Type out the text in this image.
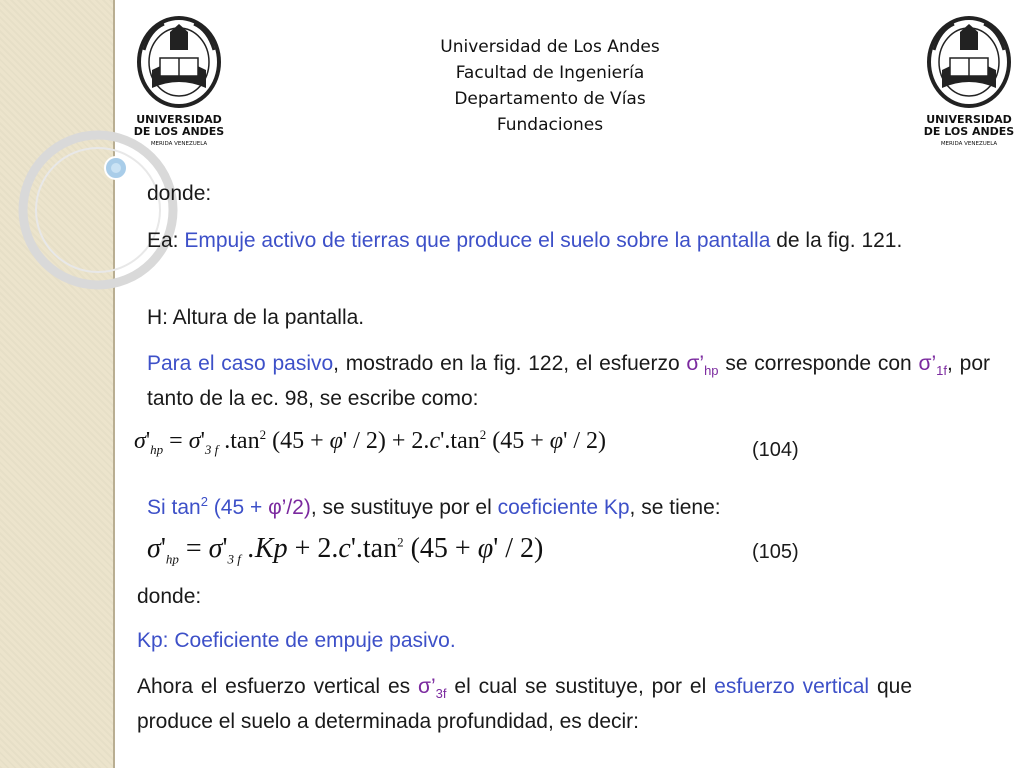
UNIVERSIDAD
DE LOS ANDES
MERIDA VENEZUELA
UNIVERSIDAD
DE LOS ANDES
MERIDA VENEZUELA
Universidad de Los Andes
Facultad de Ingeniería
Departamento de Vías
Fundaciones
donde:
Ea: Empuje activo de tierras que produce el suelo sobre la pantalla de la fig. 121.
H: Altura de la pantalla.
Para el caso pasivo, mostrado en la fig. 122, el esfuerzo $\sigma’_{hp}$ se corresponde con $\sigma’_{1f}$, por tanto de la ec. 98, se escribe como:
$\sigma'_{hp} = \sigma'_{3 f}$ $.\tan^2$ $(45 + \varphi' / 2) + 2.c'.\tan^2$ (45 + φ' / 2)	(104)
Si $\tan^2 (45$ + φ’/2), se sustituye por el coeficiente Kp, se tiene:
$\sigma'_{hp} = \sigma'_{3 f}$ $.Kp + 2.c'.\tan^2$ (45 + φ' / 2)	(105)
donde:
Kp: Coeficiente de empuje pasivo.
Ahora el esfuerzo vertical es $\sigma’_{3f}$ el cual se sustituye, por el esfuerzo vertical que produce el suelo a determinada profundidad, es decir:
